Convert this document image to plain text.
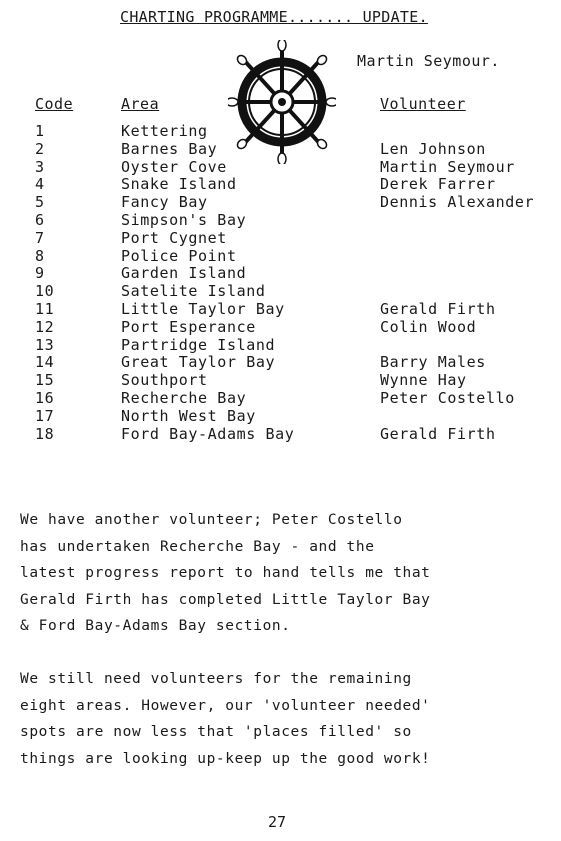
CHARTING PROGRAMME....... UPDATE.
Martin Seymour.
Code	Area	Volunteer
1	Kettering
2	Barnes Bay	Len Johnson
3	Oyster Cove	Martin Seymour
4	Snake Island	Derek Farrer
5	Fancy Bay	Dennis Alexander
6	Simpson's Bay
7	Port Cygnet
8	Police Point
9	Garden Island
10	Satelite Island
11	Little Taylor Bay	Gerald Firth
12	Port Esperance	Colin Wood
13	Partridge Island
14	Great Taylor Bay	Barry Males
15	Southport	Wynne Hay
16	Recherche Bay	Peter Costello
17	North West Bay
18	Ford Bay-Adams Bay	Gerald Firth
We have another volunteer; Peter Costello
has undertaken Recherche Bay - and the
latest progress report to hand tells me that
Gerald Firth has completed Little Taylor Bay
& Ford Bay-Adams Bay section.
We still need volunteers for the remaining
eight areas. However, our 'volunteer needed'
spots are now less that 'places filled' so
things are looking up-keep up the good work!
27
